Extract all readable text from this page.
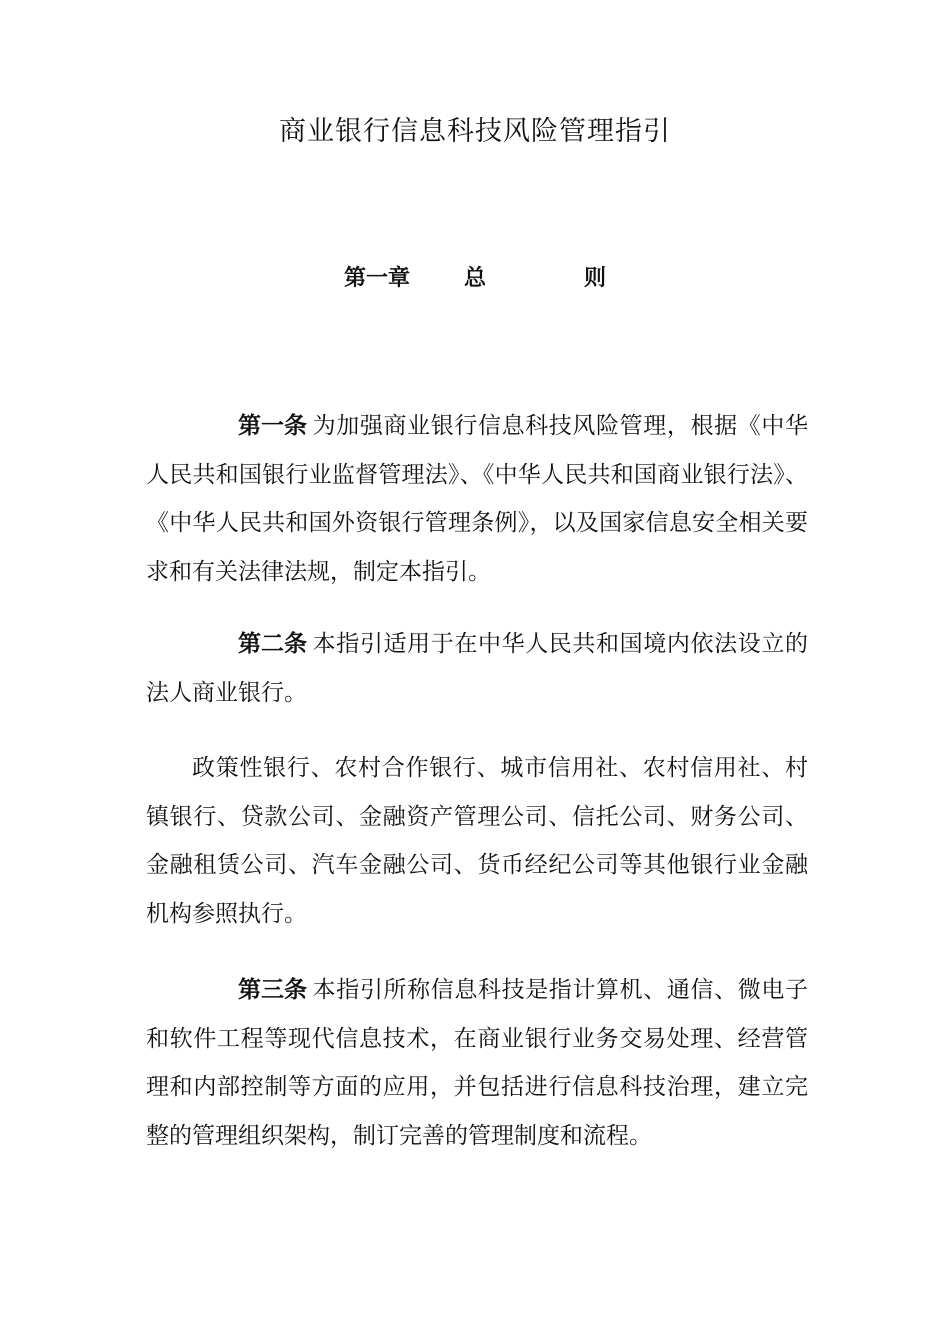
商业银行信息科技风险管理指引
第一章 总	则

第一条 为加强商业银行信息科技风险管理，根据《中华人民共和国银行业监督管理法》、《中华人民共和国商业银行法》、《中华人民共和国外资银行管理条例》，以及国家信息安全相关要求和有关法律法规，制定本指引。

第二条 本指引适用于在中华人民共和国境内依法设立的法人商业银行。

政策性银行、农村合作银行、城市信用社、农村信用社、村镇银行、贷款公司、金融资产管理公司、信托公司、财务公司、金融租赁公司、汽车金融公司、货币经纪公司等其他银行业金融机构参照执行。

第三条 本指引所称信息科技是指计算机、通信、微电子和软件工程等现代信息技术，在商业银行业务交易处理、经营管理和内部控制等方面的应用，并包括进行信息科技治理，建立完整的管理组织架构，制订完善的管理制度和流程。
